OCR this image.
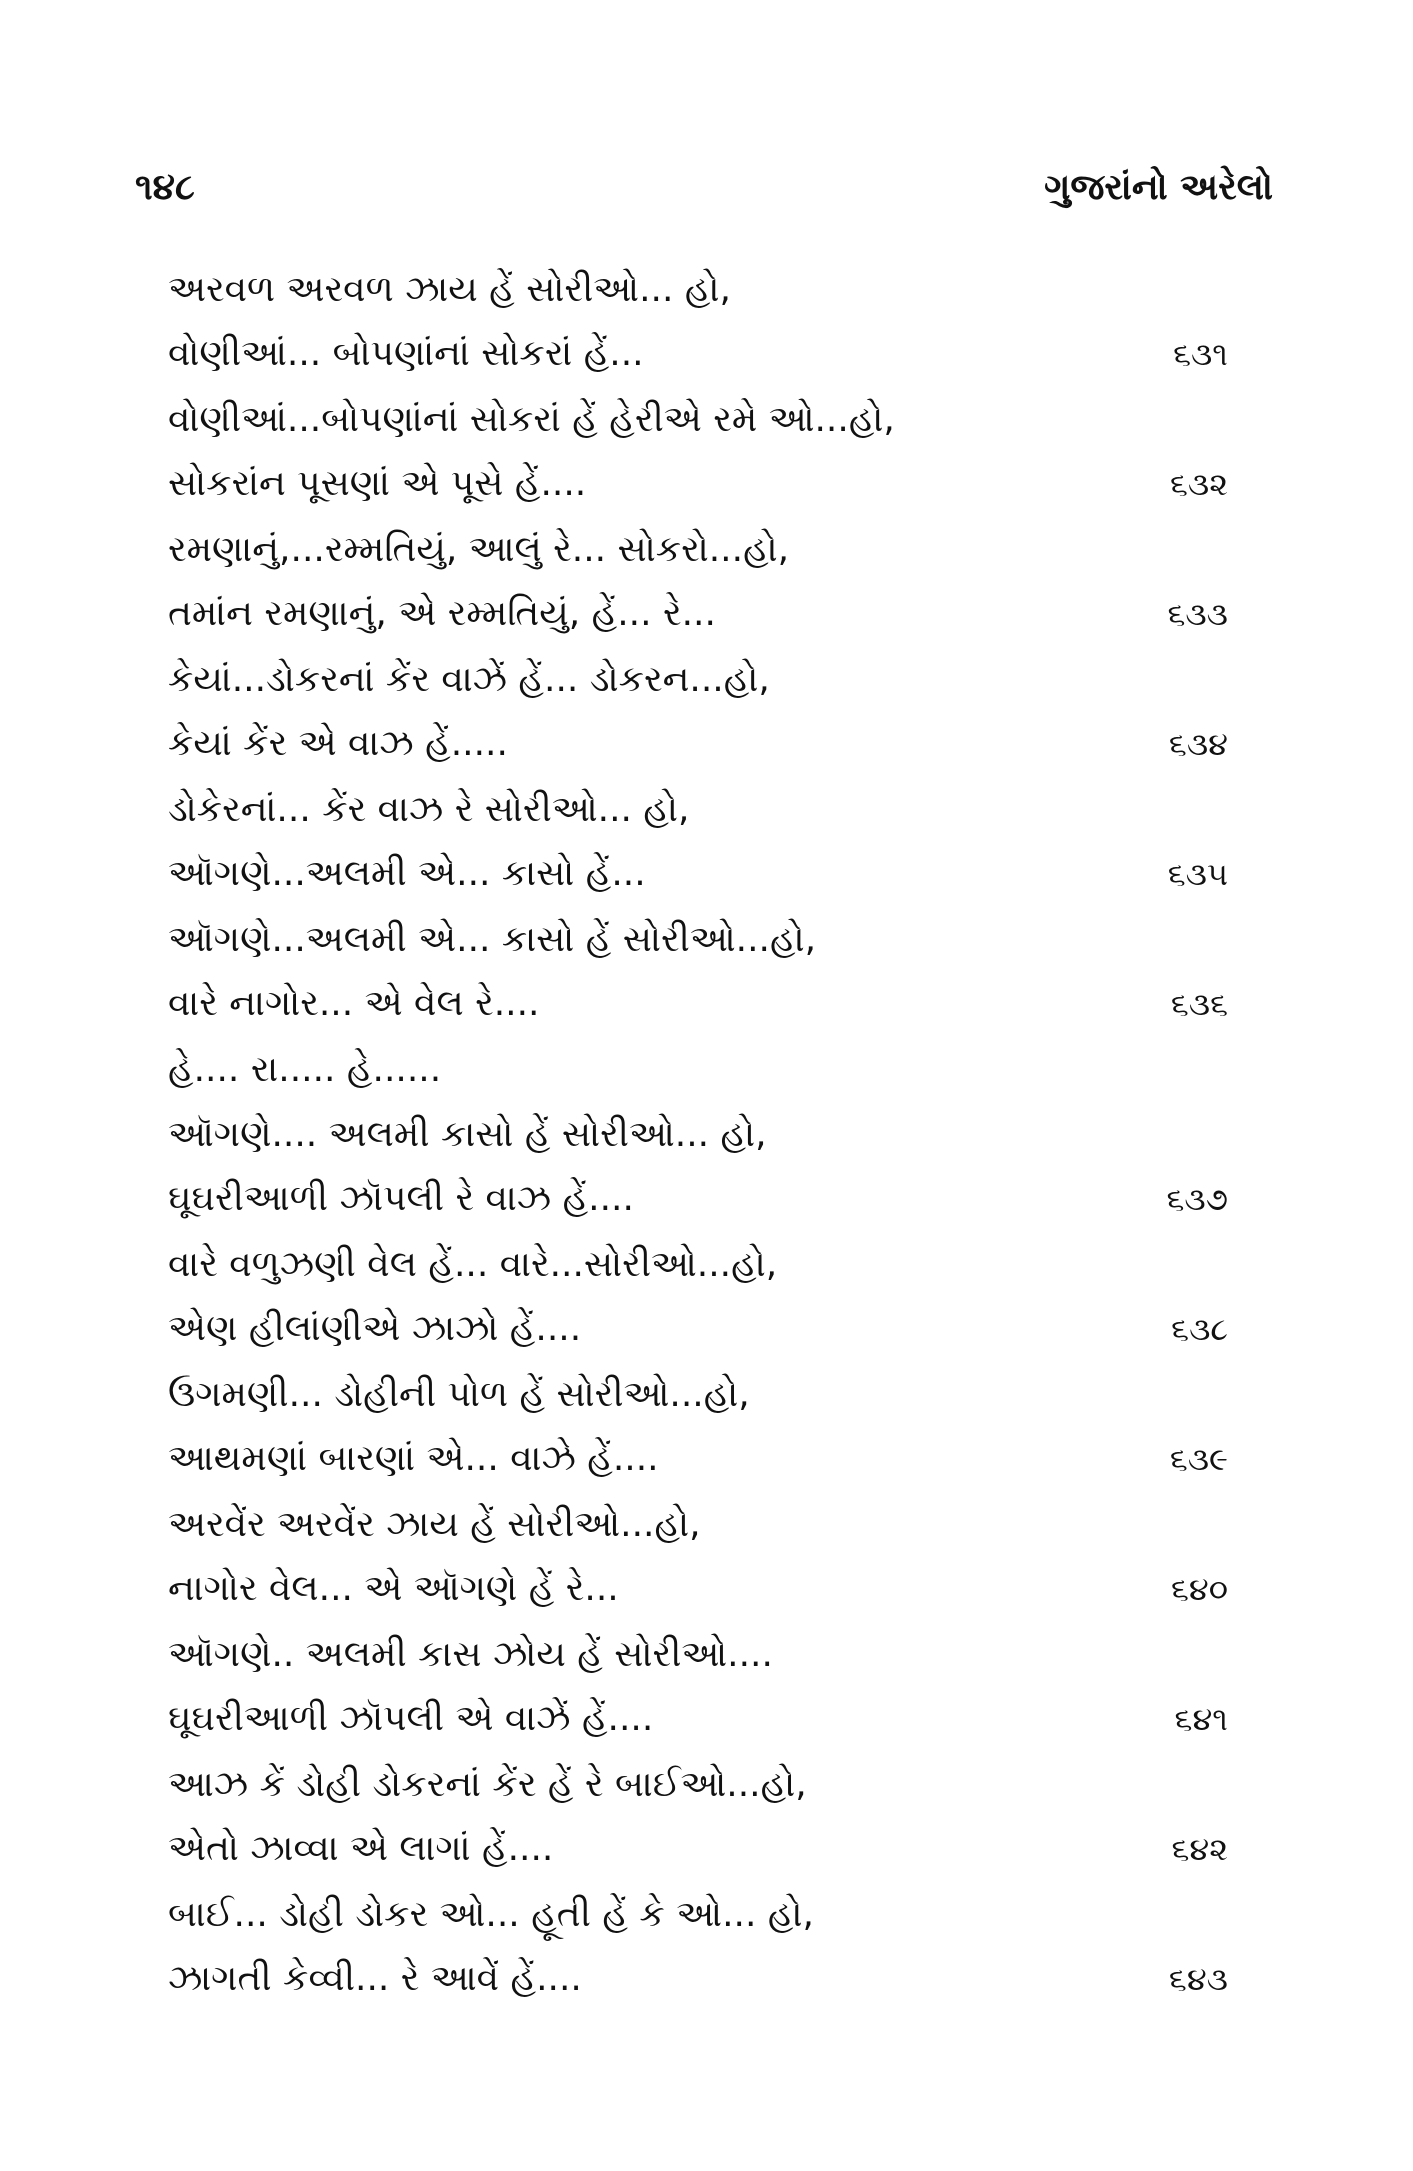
૧૪૮	ગુજરાંનો અરેલો
અરવળ અરવળ ઝાય હેં સોરીઓ... હો,
વોણીઆં... બોપણાંનાં સોકરાં હેં...	૬૩૧
વોણીઆં...બોપણાંનાં સોકરાં હેં હેરીએ રમે ઓ...હો,
સોકરાંન પૂસણાં એ પૂસે હેં....	૬૩૨
રમણાનું,...રમ્મતિયું, આલું રે... સોકરો...હો,
તમાંન રમણાનું, એ રમ્મતિયું, હેં... રે...	૬૩૩
કેયાં...ડોકરનાં કેંર વાઝેં હેં... ડોકરન...હો,
કેયાં કેંર એ વાઝ હેં.....	૬૩૪
ડોકેરનાં... કેંર વાઝ રે સોરીઓ... હો,
ઑગણે...અલમી એ... કાસો હેં...	૬૩૫
ઑગણે...અલમી એ... કાસો હેં સોરીઓ...હો,
વારે નાગોર... એ વેલ રે....	૬૩૬
હે.... રા..... હે......
ઑગણે.... અલમી કાસો હેં સોરીઓ... હો,
ઘૂઘરીઆળી ઝૉપલી રે વાઝ હેં....	૬૩૭
વારે વળુઝણી વેલ હેં... વારે...સોરીઓ...હો,
એણ હીલાંણીએ ઝાઝો હેં....	૬૩૮
ઉગમણી... ડોહીની પોળ હેં સોરીઓ...હો,
આથમણાં બારણાં એ... વાઝે હેં....	૬૩૯
અરવેંર અરવેંર ઝાય હેં સોરીઓ...હો,
નાગોર વેલ... એ ઑગણે હેં રે...	૬૪૦
ઑગણે.. અલમી કાસ ઝોય હેં સોરીઓ....
ઘૂઘરીઆળી ઝૉપલી એ વાઝેં હેં....	૬૪૧
આઝ કેં ડોહી ડોકરનાં કેંર હેં રે બાઈઓ...હો,
એતો ઝાવ્વા એ લાગાં હેં....	૬૪૨
બાઈ... ડોહી ડોકર ઓ... હૂતી હેં કે ઓ... હો,
ઝાગતી કેવ્વી... રે આવેં હેં....	૬૪૩
